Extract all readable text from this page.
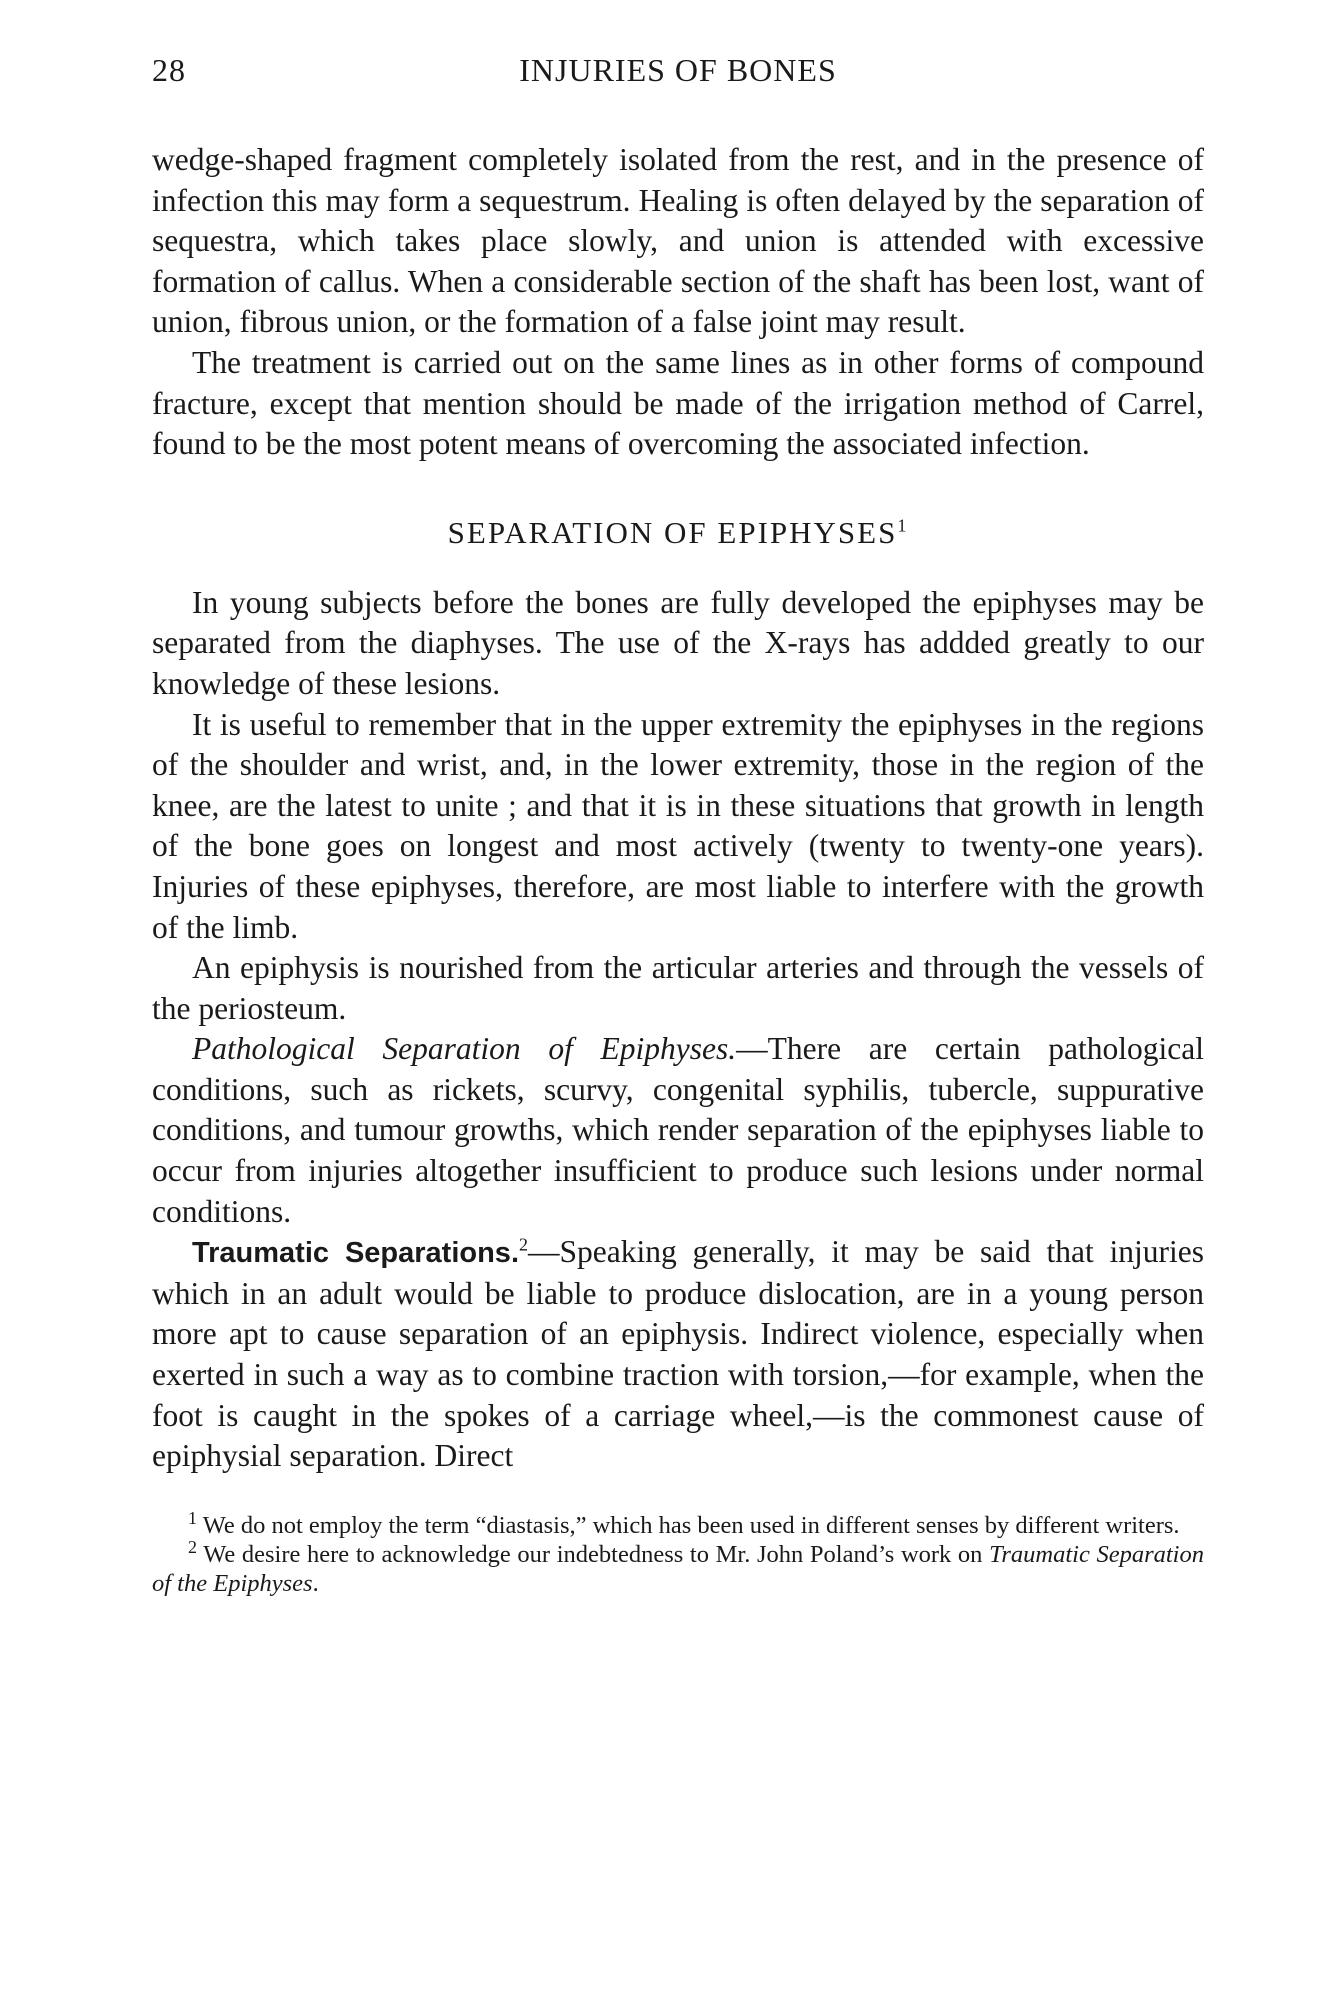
28	INJURIES OF BONES

wedge-shaped fragment completely isolated from the rest, and in the presence of infection this may form a sequestrum. Healing is often delayed by the separation of sequestra, which takes place slowly, and union is attended with excessive formation of callus. When a considerable section of the shaft has been lost, want of union, fibrous union, or the formation of a false joint may result.

The treatment is carried out on the same lines as in other forms of compound fracture, except that mention should be made of the irrigation method of Carrel, found to be the most potent means of overcoming the associated infection.

SEPARATION OF EPIPHYSES$^1$

In young subjects before the bones are fully developed the epiphyses may be separated from the diaphyses. The use of the X-rays has addded greatly to our knowledge of these lesions.

It is useful to remember that in the upper extremity the epiphyses in the regions of the shoulder and wrist, and, in the lower extremity, those in the region of the knee, are the latest to unite ; and that it is in these situations that growth in length of the bone goes on longest and most actively (twenty to twenty-one years). Injuries of these epiphyses, therefore, are most liable to interfere with the growth of the limb.

An epiphysis is nourished from the articular arteries and through the vessels of the periosteum.

Pathological Separation of Epiphyses.—There are certain pathological conditions, such as rickets, scurvy, congenital syphilis, tubercle, suppurative conditions, and tumour growths, which render separation of the epiphyses liable to occur from injuries altogether insufficient to produce such lesions under normal conditions.

Traumatic Separations.$^2$—Speaking generally, it may be said that injuries which in an adult would be liable to produce dislocation, are in a young person more apt to cause separation of an epiphysis. Indirect violence, especially when exerted in such a way as to combine traction with torsion,—for example, when the foot is caught in the spokes of a carriage wheel,—is the commonest cause of epiphysial separation. Direct

$^1$ We do not employ the term “diastasis,” which has been used in different senses by different writers.

$^2$ We desire here to acknowledge our indebtedness to Mr. John Poland’s work on Traumatic Separation of the Epiphyses.
